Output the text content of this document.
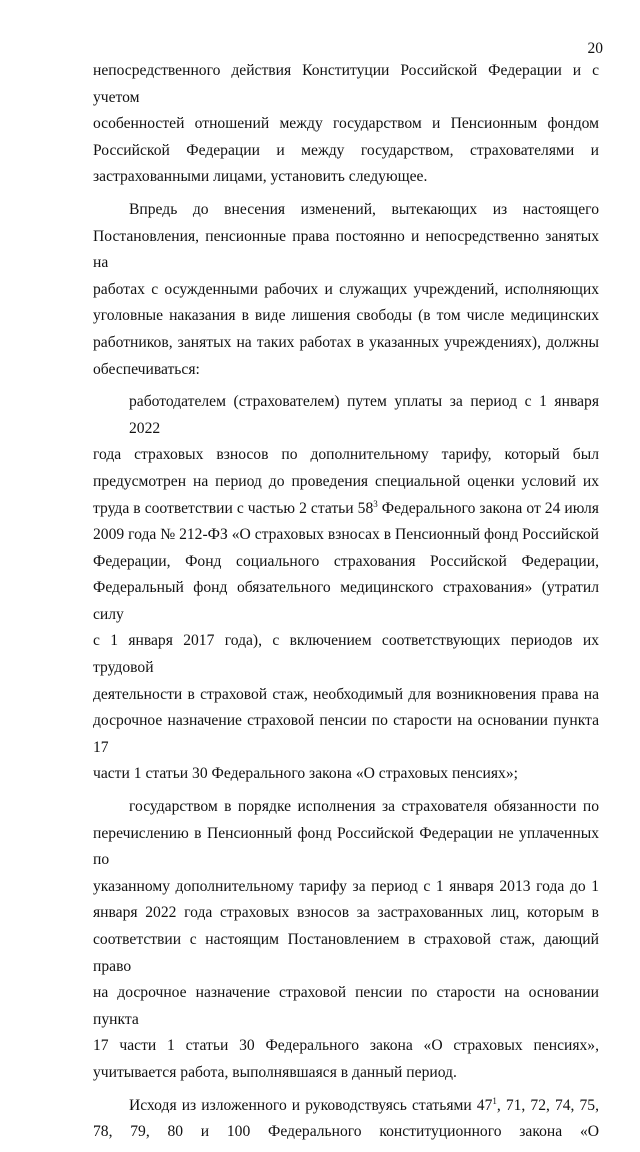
20
непосредственного действия Конституции Российской Федерации и с учетом
особенностей отношений между государством и Пенсионным фондом
Российской Федерации и между государством, страхователями и
застрахованными лицами, установить следующее.
Впредь до внесения изменений, вытекающих из настоящего
Постановления, пенсионные права постоянно и непосредственно занятых на
работах с осужденными рабочих и служащих учреждений, исполняющих
уголовные наказания в виде лишения свободы (в том числе медицинских
работников, занятых на таких работах в указанных учреждениях), должны
обеспечиваться:
работодателем (страхователем) путем уплаты за период с 1 января 2022
года страховых взносов по дополнительному тарифу, который был
предусмотрен на период до проведения специальной оценки условий их
труда в соответствии с частью 2 статьи $58^3$ Федерального закона от 24 июля
2009 года № 212-ФЗ «О страховых взносах в Пенсионный фонд Российской
Федерации, Фонд социального страхования Российской Федерации,
Федеральный фонд обязательного медицинского страхования» (утратил силу
с 1 января 2017 года), с включением соответствующих периодов их трудовой
деятельности в страховой стаж, необходимый для возникновения права на
досрочное назначение страховой пенсии по старости на основании пункта 17
части 1 статьи 30 Федерального закона «О страховых пенсиях»;
государством в порядке исполнения за страхователя обязанности по
перечислению в Пенсионный фонд Российской Федерации не уплаченных по
указанному дополнительному тарифу за период с 1 января 2013 года до 1
января 2022 года страховых взносов за застрахованных лиц, которым в
соответствии с настоящим Постановлением в страховой стаж, дающий право
на досрочное назначение страховой пенсии по старости на основании пункта
17 части 1 статьи 30 Федерального закона «О страховых пенсиях»,
учитывается работа, выполнявшаяся в данный период.
Исходя из изложенного и руководствуясь статьями $47^1$, 71, 72, 74, 75,
78, 79, 80 и 100 Федерального конституционного закона «О
